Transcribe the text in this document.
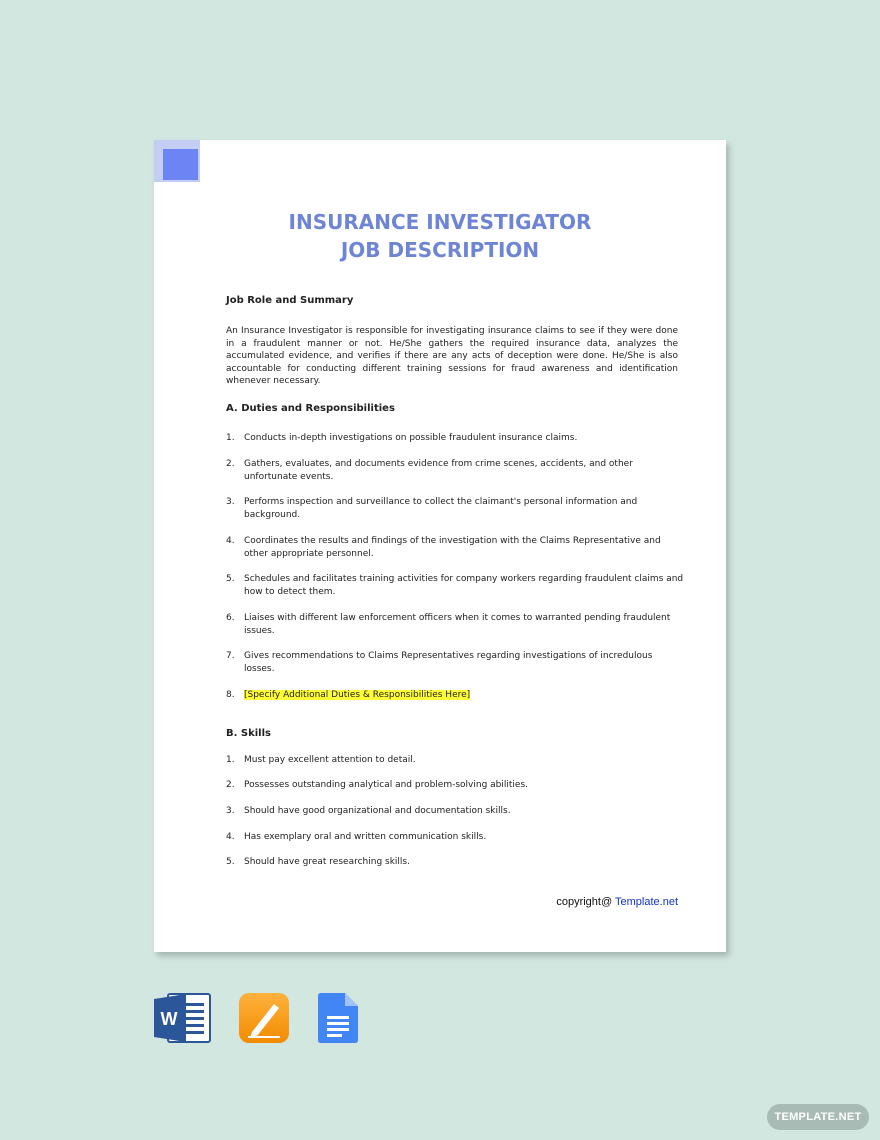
INSURANCE INVESTIGATOR
JOB DESCRIPTION
Job Role and Summary
An Insurance Investigator is responsible for investigating insurance claims to see if they were done in a fraudulent manner or not. He/She gathers the required insurance data, analyzes the accumulated evidence, and verifies if there are any acts of deception were done. He/She is also accountable for conducting different training sessions for fraud awareness and identification whenever necessary.
A. Duties and Responsibilities
1. Conducts in-depth investigations on possible fraudulent insurance claims.
2. Gathers, evaluates, and documents evidence from crime scenes, accidents, and other unfortunate events.
3. Performs inspection and surveillance to collect the claimant's personal information and background.
4. Coordinates the results and findings of the investigation with the Claims Representative and other appropriate personnel.
5. Schedules and facilitates training activities for company workers regarding fraudulent claims and how to detect them.
6. Liaises with different law enforcement officers when it comes to warranted pending fraudulent issues.
7. Gives recommendations to Claims Representatives regarding investigations of incredulous losses.
8. [Specify Additional Duties & Responsibilities Here]
B. Skills
1. Must pay excellent attention to detail.
2. Possesses outstanding analytical and problem-solving abilities.
3. Should have good organizational and documentation skills.
4. Has exemplary oral and written communication skills.
5. Should have great researching skills.
copyright@ Template.net
W
TEMPLATE.NET
